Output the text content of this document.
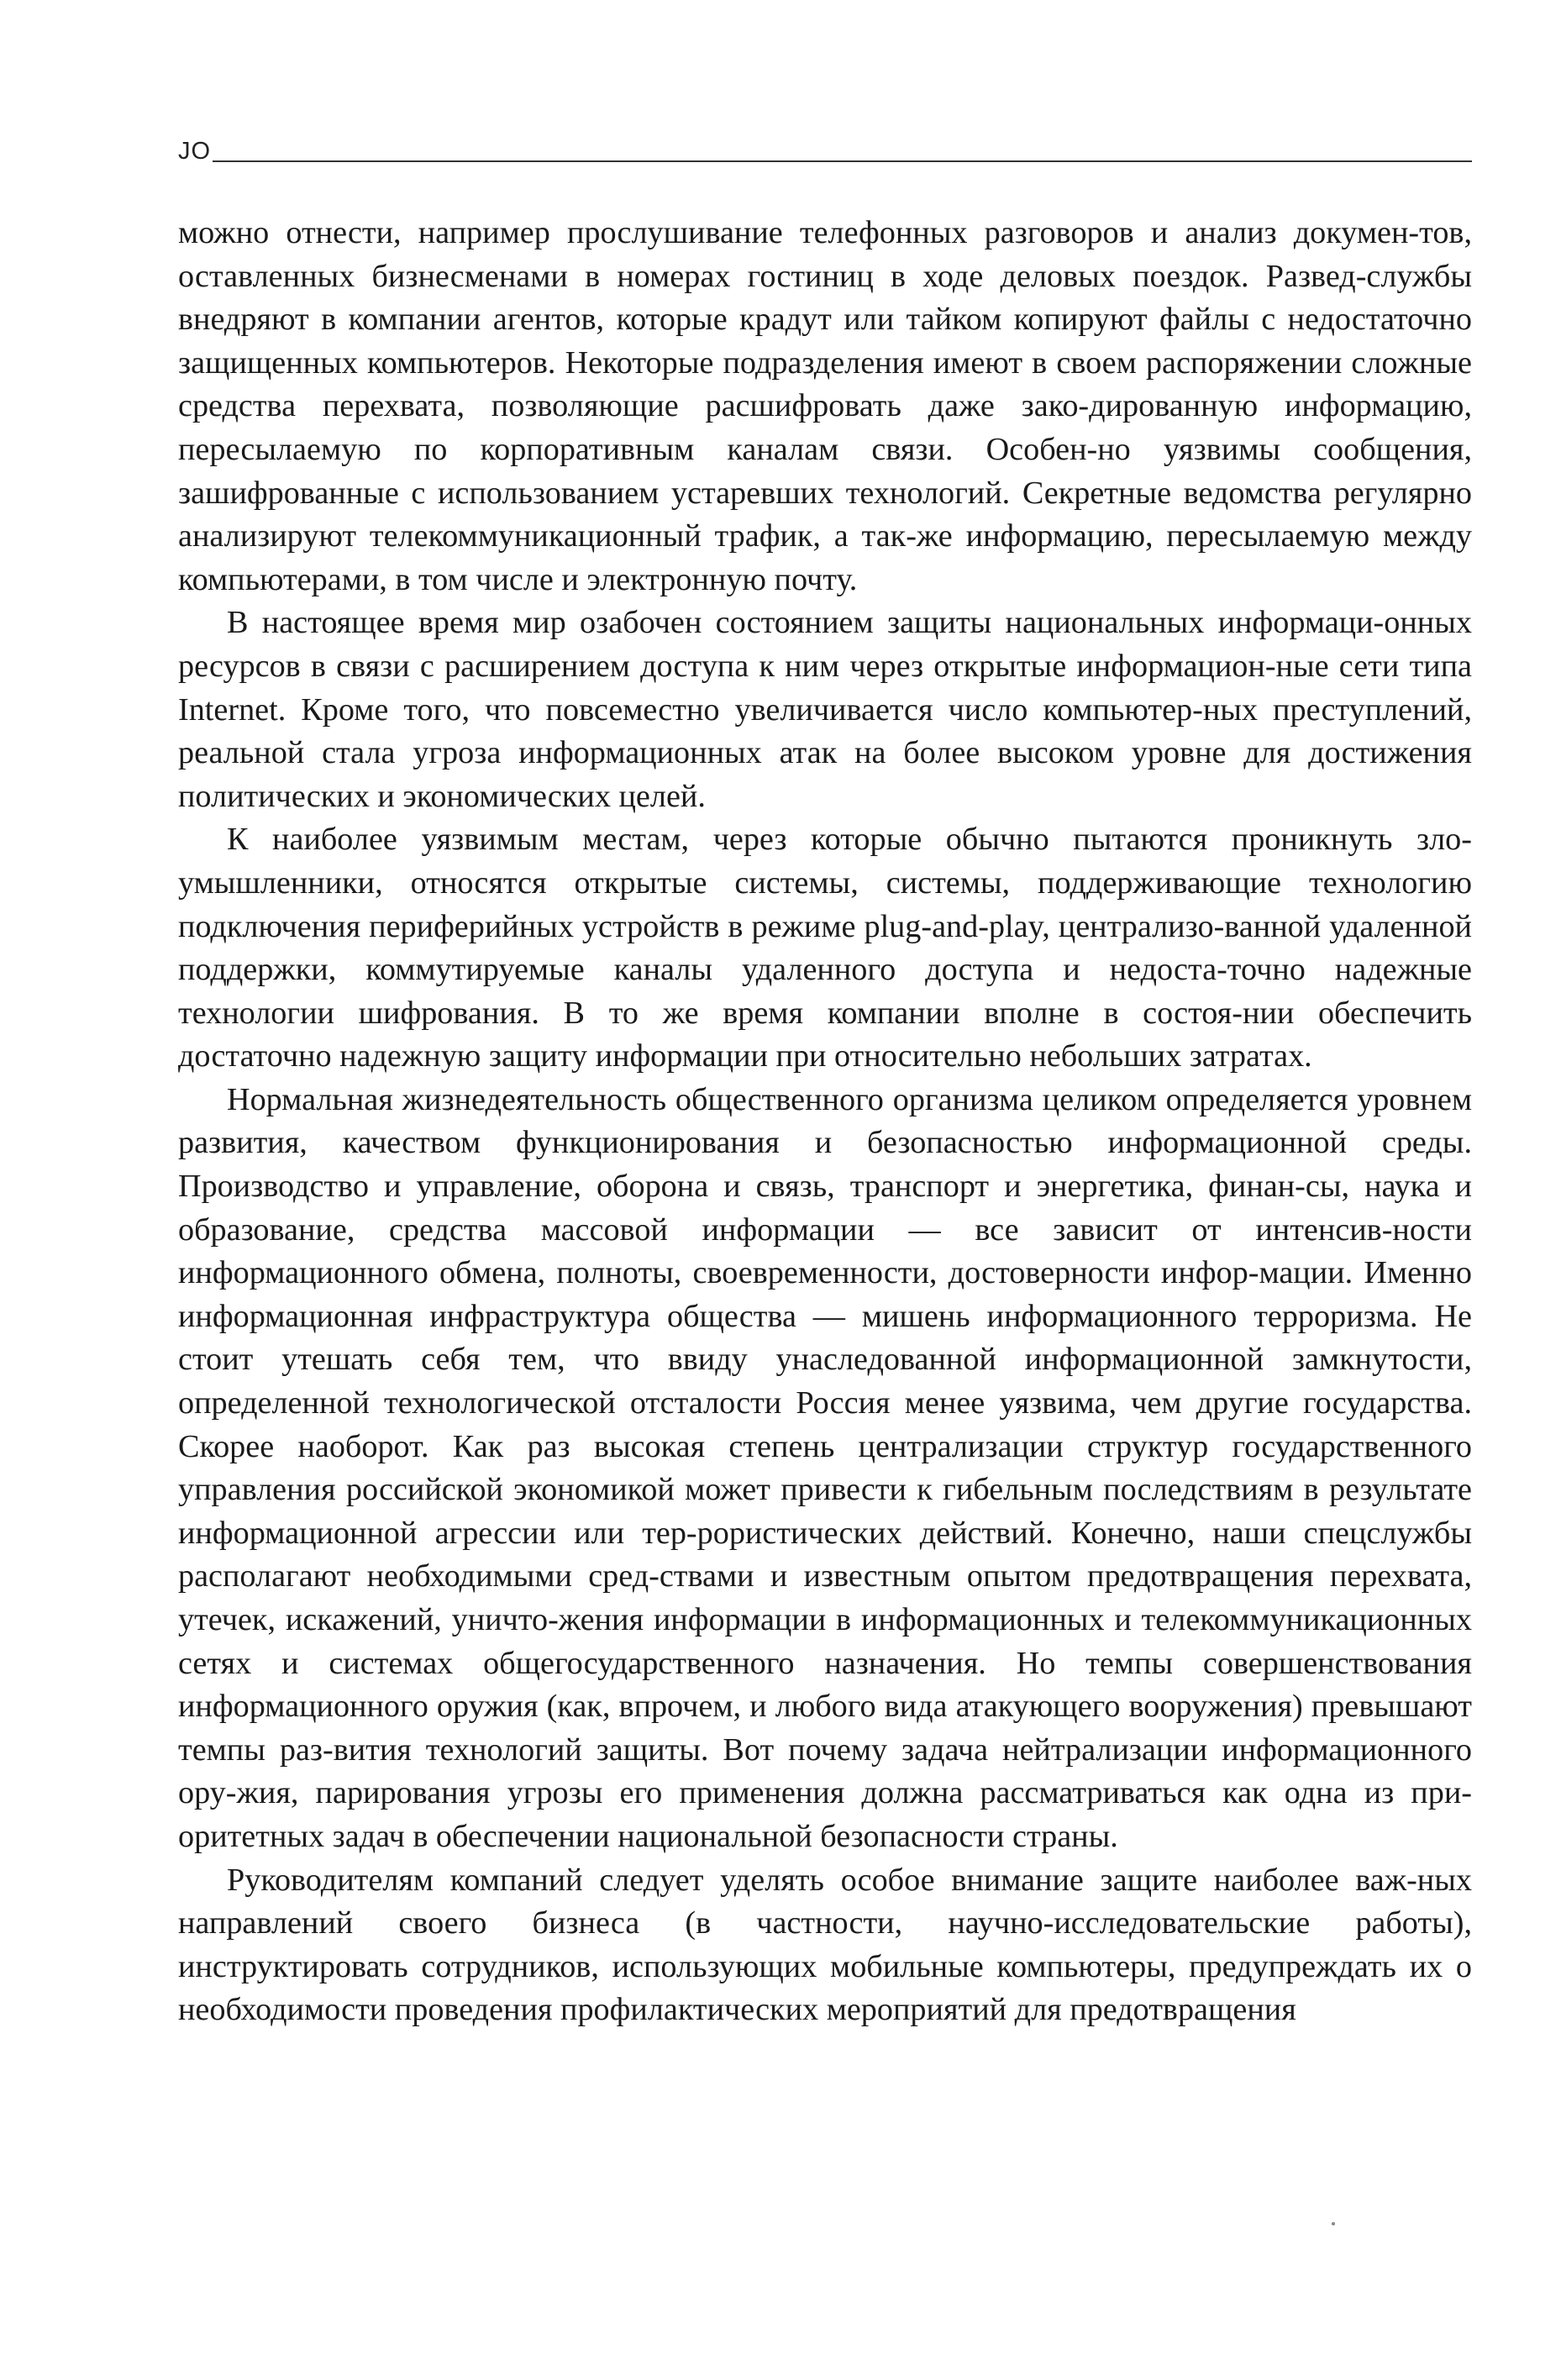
JO

можно отнести, например прослушивание телефонных разговоров и анализ докумен-тов, оставленных бизнесменами в номерах гостиниц в ходе деловых поездок. Развед-службы внедряют в компании агентов, которые крадут или тайком копируют файлы с недостаточно защищенных компьютеров. Некоторые подразделения имеют в своем распоряжении сложные средства перехвата, позволяющие расшифровать даже зако-дированную информацию, пересылаемую по корпоративным каналам связи. Особен-но уязвимы сообщения, зашифрованные с использованием устаревших технологий. Секретные ведомства регулярно анализируют телекоммуникационный трафик, а так-же информацию, пересылаемую между компьютерами, в том числе и электронную почту.

В настоящее время мир озабочен состоянием защиты национальных информаци-онных ресурсов в связи с расширением доступа к ним через открытые информацион-ные сети типа Internet. Кроме того, что повсеместно увеличивается число компьютер-ных преступлений, реальной стала угроза информационных атак на более высоком уровне для достижения политических и экономических целей.

К наиболее уязвимым местам, через которые обычно пытаются проникнуть зло-умышленники, относятся открытые системы, системы, поддерживающие технологию подключения периферийных устройств в режиме plug-and-play, централизо-ванной удаленной поддержки, коммутируемые каналы удаленного доступа и недоста-точно надежные технологии шифрования. В то же время компании вполне в состоя-нии обеспечить достаточно надежную защиту информации при относительно небольших затратах.

Нормальная жизнедеятельность общественного организма целиком определяется уровнем развития, качеством функционирования и безопасностью информационной среды. Производство и управление, оборона и связь, транспорт и энергетика, финан-сы, наука и образование, средства массовой информации — все зависит от интенсив-ности информационного обмена, полноты, своевременности, достоверности инфор-мации. Именно информационная инфраструктура общества — мишень информационного терроризма. Не стоит утешать себя тем, что ввиду унаследованной информационной замкнутости, определенной технологической отсталости Россия менее уязвима, чем другие государства. Скорее наоборот. Как раз высокая степень централизации структур государственного управления российской экономикой может привести к гибельным последствиям в результате информационной агрессии или тер-рористических действий. Конечно, наши спецслужбы располагают необходимыми сред-ствами и известным опытом предотвращения перехвата, утечек, искажений, уничто-жения информации в информационных и телекоммуникационных сетях и системах общегосударственного назначения. Но темпы совершенствования информационного оружия (как, впрочем, и любого вида атакующего вооружения) превышают темпы раз-вития технологий защиты. Вот почему задача нейтрализации информационного ору-жия, парирования угрозы его применения должна рассматриваться как одна из при-оритетных задач в обеспечении национальной безопасности страны.

Руководителям компаний следует уделять особое внимание защите наиболее важ-ных направлений своего бизнеса (в частности, научно-исследовательские работы), инструктировать сотрудников, использующих мобильные компьютеры, предупреждать их о необходимости проведения профилактических мероприятий для предотвращения
